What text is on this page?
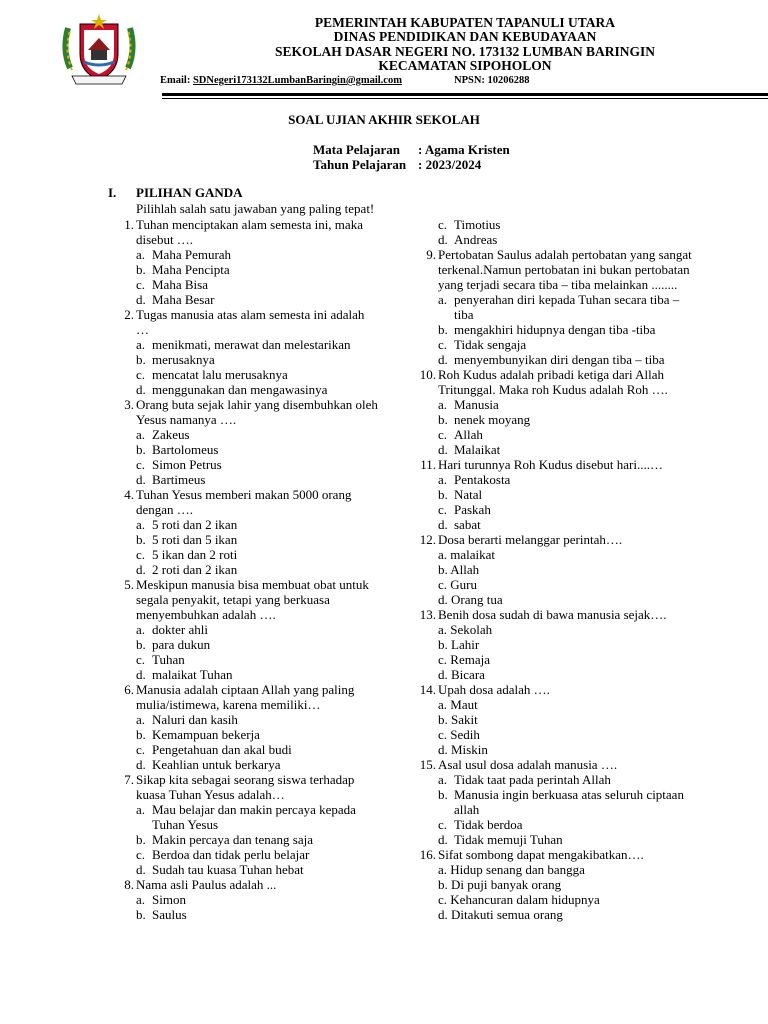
PEMERINTAH KABUPATEN TAPANULI UTARA
DINAS PENDIDIKAN DAN KEBUDAYAAN
SEKOLAH DASAR NEGERI NO. 173132 LUMBAN BARINGIN
KECAMATAN SIPOHOLON
Email: SDNegeri173132LumbanBaringin@gmail.com	NPSN: 10206288
SOAL UJIAN AKHIR SEKOLAH
Mata Pelajaran : Agama Kristen
Tahun Pelajaran : 2023/2024
I. PILIHAN GANDA
Pilihlah salah satu jawaban yang paling tepat!
1. Tuhan menciptakan alam semesta ini, maka disebut ….
a. Maha Pemurah
b. Maha Pencipta
c. Maha Bisa
d. Maha Besar
2. Tugas manusia atas alam semesta ini adalah …
a. menikmati, merawat dan melestarikan
b. merusaknya
c. mencatat lalu merusaknya
d. menggunakan dan mengawasinya
3. Orang buta sejak lahir yang disembuhkan oleh Yesus namanya ….
a. Zakeus
b. Bartolomeus
c. Simon Petrus
d. Bartimeus
4. Tuhan Yesus memberi makan 5000 orang dengan ….
a. 5 roti dan 2 ikan
b. 5 roti dan 5 ikan
c. 5 ikan dan 2 roti
d. 2 roti dan 2 ikan
5. Meskipun manusia bisa membuat obat untuk segala penyakit, tetapi yang berkuasa menyembuhkan adalah ….
a. dokter ahli
b. para dukun
c. Tuhan
d. malaikat Tuhan
6. Manusia adalah ciptaan Allah yang paling mulia/istimewa, karena memiliki…
a. Naluri dan kasih
b. Kemampuan bekerja
c. Pengetahuan dan akal budi
d. Keahlian untuk berkarya
7. Sikap kita sebagai seorang siswa terhadap kuasa Tuhan Yesus adalah…
a. Mau belajar dan makin percaya kepada Tuhan Yesus
b. Makin percaya dan tenang saja
c. Berdoa dan tidak perlu belajar
d. Sudah tau kuasa Tuhan hebat
8. Nama asli Paulus adalah ...
a. Simon
b. Saulus
c. Timotius
d. Andreas
9. Pertobatan Saulus adalah pertobatan yang sangat terkenal.Namun pertobatan ini bukan pertobatan yang terjadi secara tiba – tiba melainkan ........
a. penyerahan diri kepada Tuhan secara tiba – tiba
b. mengakhiri hidupnya dengan tiba -tiba
c. Tidak sengaja
d. menyembunyikan diri dengan tiba – tiba
10. Roh Kudus adalah pribadi ketiga dari Allah Tritunggal. Maka roh Kudus adalah Roh ….
a. Manusia
b. nenek moyang
c. Allah
d. Malaikat
11. Hari turunnya Roh Kudus disebut hari....…
a. Pentakosta
b. Natal
c. Paskah
d. sabat
12. Dosa berarti melanggar perintah….
a. malaikat
b. Allah
c. Guru
d. Orang tua
13. Benih dosa sudah di bawa manusia sejak….
a. Sekolah
b. Lahir
c. Remaja
d. Bicara
14. Upah dosa adalah ….
a. Maut
b. Sakit
c. Sedih
d. Miskin
15. Asal usul dosa adalah manusia ….
a. Tidak taat pada perintah Allah
b. Manusia ingin berkuasa atas seluruh ciptaan allah
c. Tidak berdoa
d. Tidak memuji Tuhan
16. Sifat sombong dapat mengakibatkan….
a. Hidup senang dan bangga
b. Di puji banyak orang
c. Kehancuran dalam hidupnya
d. Ditakuti semua orang
